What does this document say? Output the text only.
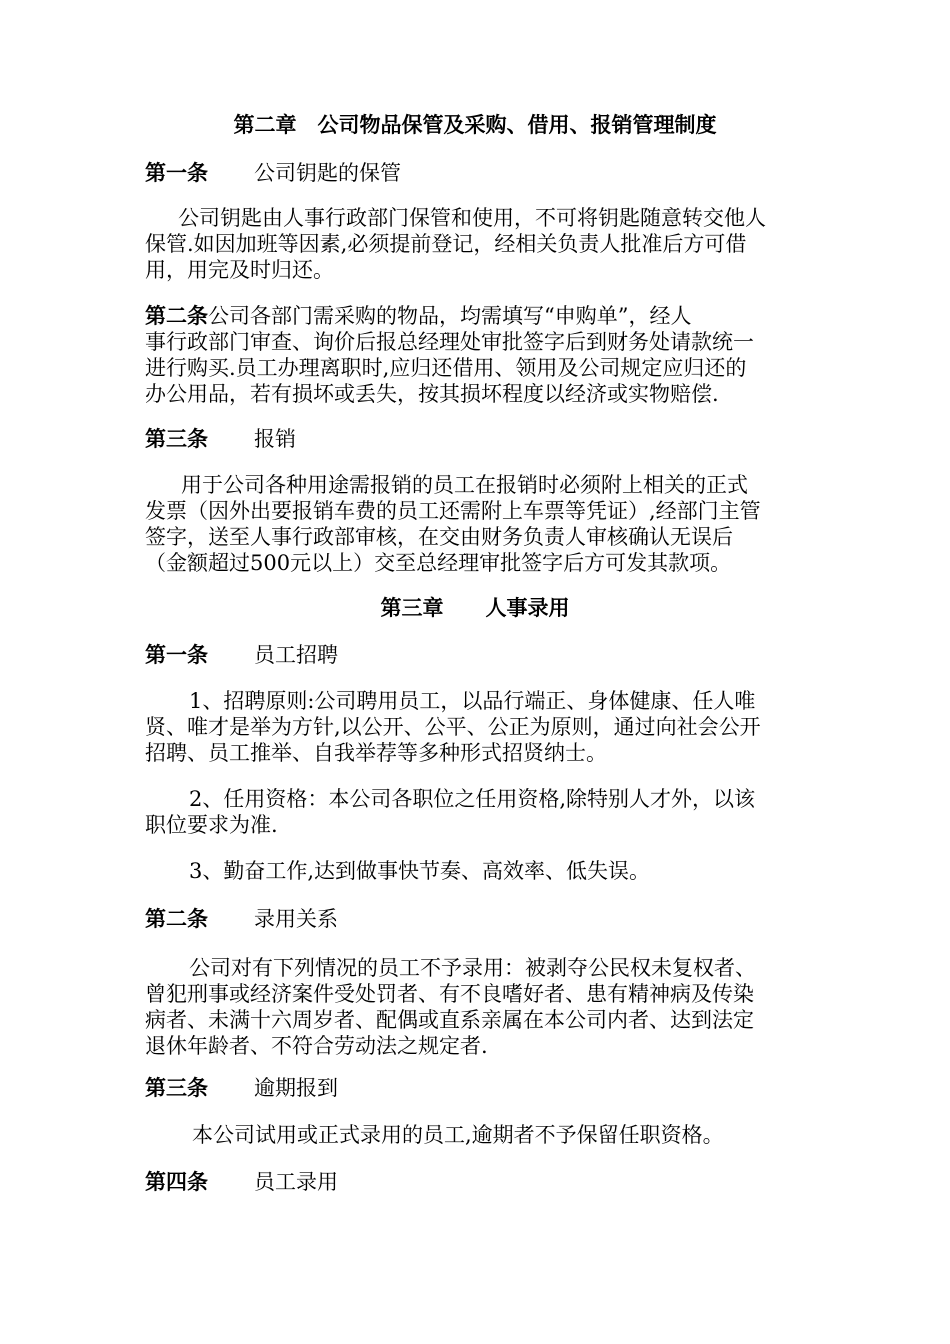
第二章　公司物品保管及采购、借用、报销管理制度
第一条 公司钥匙的保管
公司钥匙由人事行政部门保管和使用，不可将钥匙随意转交他人
保管.如因加班等因素,必须提前登记，经相关负责人批准后方可借
用，用完及时归还。
第二条公司各部门需采购的物品，均需填写“申购单”，经人
事行政部门审查、询价后报总经理处审批签字后到财务处请款统一
进行购买.员工办理离职时,应归还借用、领用及公司规定应归还的
办公用品，若有损坏或丢失，按其损坏程度以经济或实物赔偿.
第三条 报销
用于公司各种用途需报销的员工在报销时必须附上相关的正式
发票（因外出要报销车费的员工还需附上车票等凭证）,经部门主管
签字，送至人事行政部审核，在交由财务负责人审核确认无误后
（金额超过500元以上）交至总经理审批签字后方可发其款项。
第三章　　人事录用
第一条 员工招聘
1、招聘原则:公司聘用员工，以品行端正、身体健康、任人唯
贤、唯才是举为方针,以公开、公平、公正为原则，通过向社会公开
招聘、员工推举、自我举荐等多种形式招贤纳士。
2、任用资格：本公司各职位之任用资格,除特别人才外，以该
职位要求为准.
3、勤奋工作,达到做事快节奏、高效率、低失误。
第二条 录用关系
公司对有下列情况的员工不予录用：被剥夺公民权未复权者、
曾犯刑事或经济案件受处罚者、有不良嗜好者、患有精神病及传染
病者、未满十六周岁者、配偶或直系亲属在本公司内者、达到法定
退休年龄者、不符合劳动法之规定者.
第三条 逾期报到
本公司试用或正式录用的员工,逾期者不予保留任职资格。
第四条 员工录用
